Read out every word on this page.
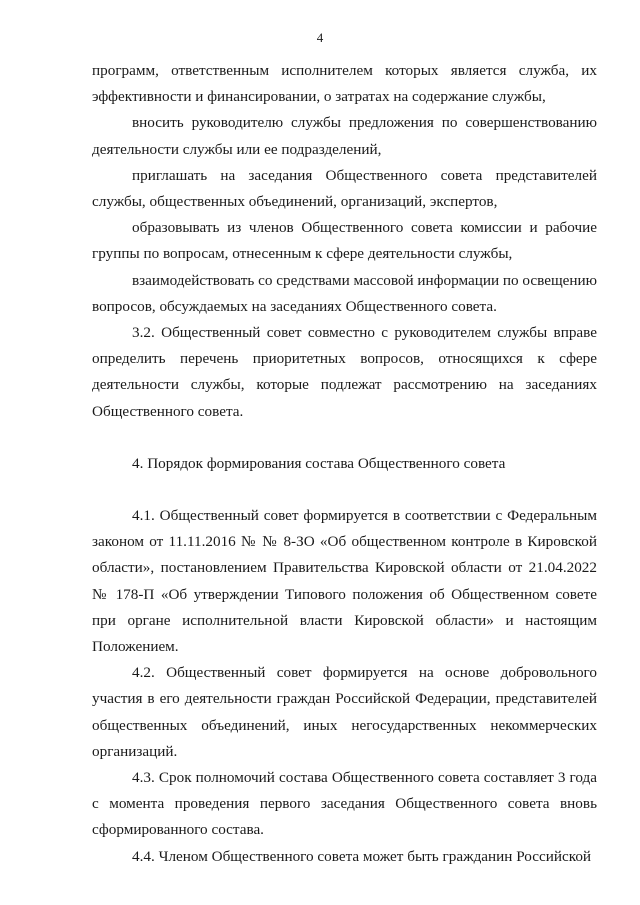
4

программ, ответственным исполнителем которых является служба, их эффективности и финансировании, о затратах на содержание службы,

вносить руководителю службы предложения по совершенствованию деятельности службы или ее подразделений,

приглашать на заседания Общественного совета представителей службы, общественных объединений, организаций, экспертов,

образовывать из членов Общественного совета комиссии и рабочие группы по вопросам, отнесенным к сфере деятельности службы,

взаимодействовать со средствами массовой информации по освещению вопросов, обсуждаемых на заседаниях Общественного совета.

3.2. Общественный совет совместно с руководителем службы вправе определить перечень приоритетных вопросов, относящихся к сфере деятельности службы, которые подлежат рассмотрению на заседаниях Общественного совета.

4. Порядок формирования состава Общественного совета

4.1. Общественный совет формируется в соответствии с Федеральным законом от 11.11.2016 № № 8-ЗО «Об общественном контроле в Кировской области», постановлением Правительства Кировской области от 21.04.2022 № 178-П «Об утверждении Типового положения об Общественном совете при органе исполнительной власти Кировской области» и настоящим Положением.

4.2. Общественный совет формируется на основе добровольного участия в его деятельности граждан Российской Федерации, представителей общественных объединений, иных негосударственных некоммерческих организаций.

4.3. Срок полномочий состава Общественного совета составляет 3 года с момента проведения первого заседания Общественного совета вновь сформированного состава.

4.4. Членом Общественного совета может быть гражданин Российской
